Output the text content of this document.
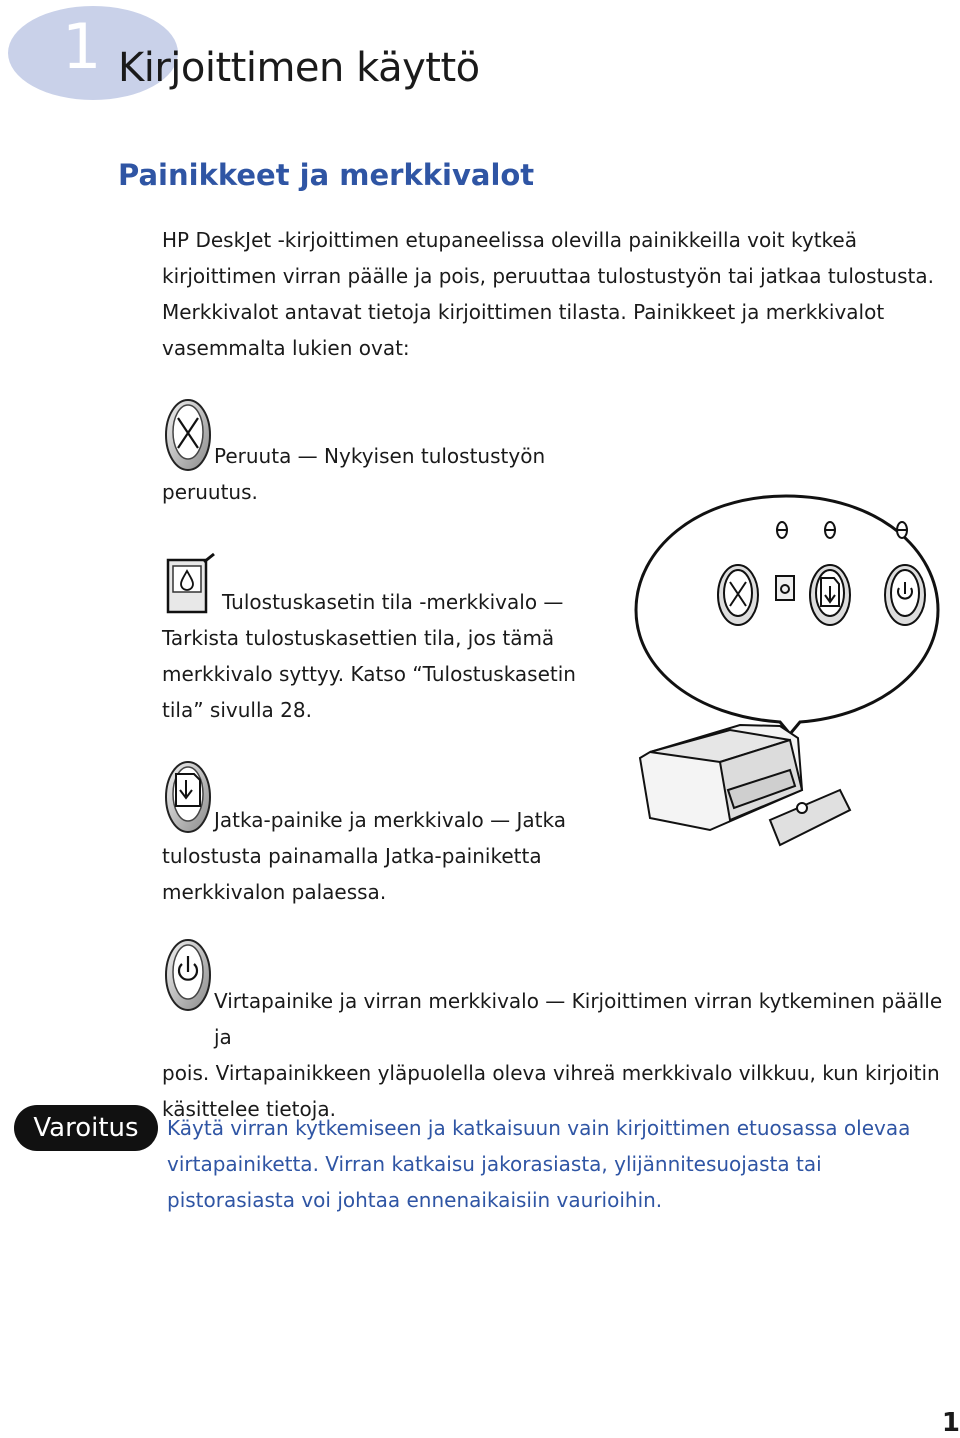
1 Kirjoittimen käyttö
Painikkeet ja merkkivalot
HP DeskJet -kirjoittimen etupaneelissa olevilla painikkeilla voit kytkeä kirjoittimen virran päälle ja pois, peruuttaa tulostustyön tai jatkaa tulostusta. Merkkivalot antavat tietoja kirjoittimen tilasta. Painikkeet ja merkkivalot vasemmalta lukien ovat:
Peruuta — Nykyisen tulostustyön
peruutus.
Tulostuskasetin tila -merkkivalo —
Tarkista tulostuskasettien tila, jos tämä merkkivalo syttyy. Katso “Tulostuskasetin tila” sivulla 28.
Jatka-painike ja merkkivalo — Jatka
tulostusta painamalla Jatka-painiketta merkkivalon palaessa.
Virtapainike ja virran merkkivalo — Kirjoittimen virran kytkeminen päälle ja
pois. Virtapainikkeen yläpuolella oleva vihreä merkkivalo vilkkuu, kun kirjoitin käsittelee tietoja.
Varoitus	Käytä virran kytkemiseen ja katkaisuun vain kirjoittimen etuosassa olevaa virtapainiketta. Virran katkaisu jakorasiasta, ylijännitesuojasta tai pistorasiasta voi johtaa ennenaikaisiin vaurioihin.
1
